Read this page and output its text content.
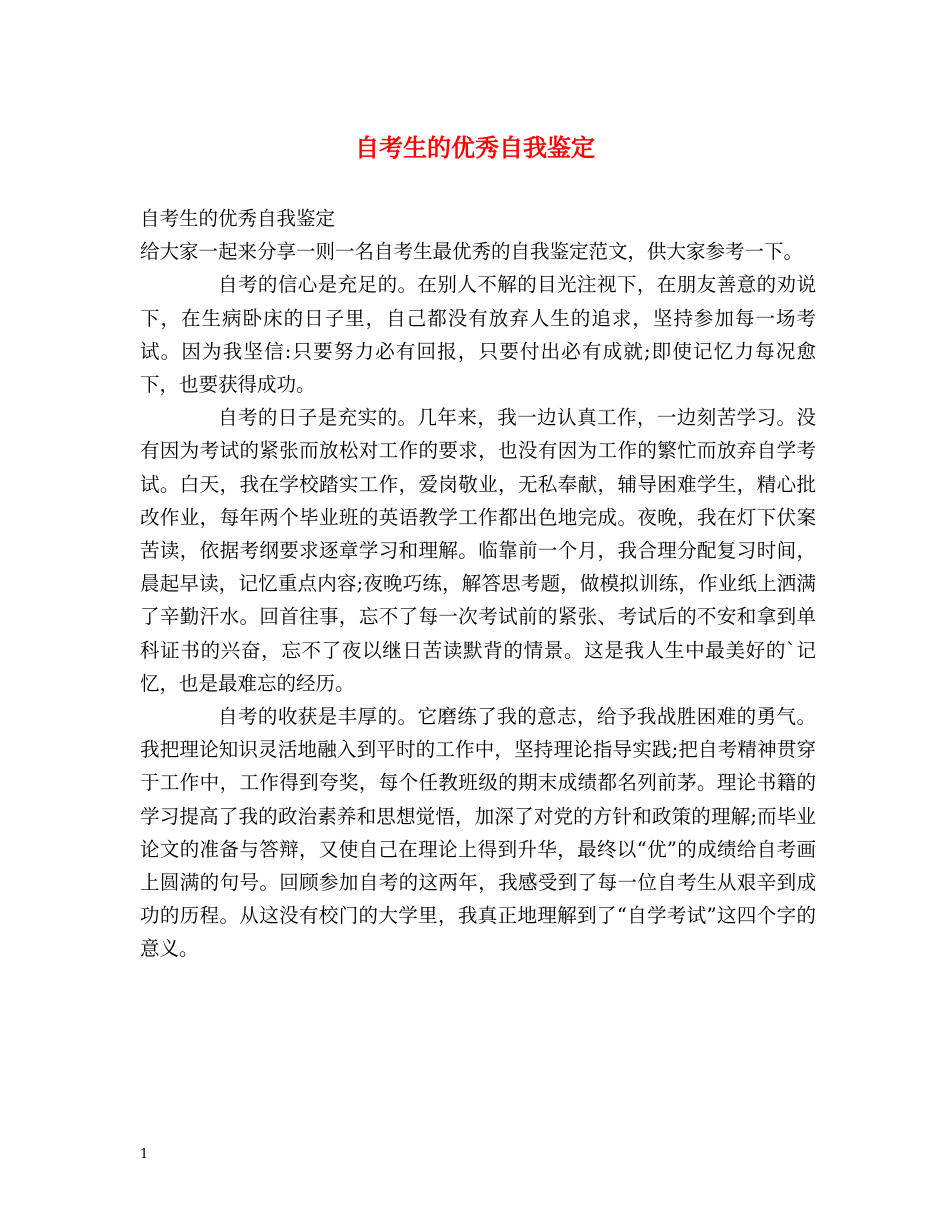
自考生的优秀自我鉴定

自考生的优秀自我鉴定

给大家一起来分享一则一名自考生最优秀的自我鉴定范文，供大家参考一下。

自考的信心是充足的。在别人不解的目光注视下，在朋友善意的劝说下，在生病卧床的日子里，自己都没有放弃人生的追求，坚持参加每一场考试。因为我坚信:只要努力必有回报，只要付出必有成就;即使记忆力每况愈下，也要获得成功。

自考的日子是充实的。几年来，我一边认真工作，一边刻苦学习。没有因为考试的紧张而放松对工作的要求，也没有因为工作的繁忙而放弃自学考试。白天，我在学校踏实工作，爱岗敬业，无私奉献，辅导困难学生，精心批改作业，每年两个毕业班的英语教学工作都出色地完成。夜晚，我在灯下伏案苦读，依据考纲要求逐章学习和理解。临靠前一个月，我合理分配复习时间，晨起早读，记忆重点内容;夜晚巧练，解答思考题，做模拟训练，作业纸上洒满了辛勤汗水。回首往事，忘不了每一次考试前的紧张、考试后的不安和拿到单科证书的兴奋，忘不了夜以继日苦读默背的情景。这是我人生中最美好的`记忆，也是最难忘的经历。

自考的收获是丰厚的。它磨练了我的意志，给予我战胜困难的勇气。我把理论知识灵活地融入到平时的工作中，坚持理论指导实践;把自考精神贯穿于工作中，工作得到夸奖，每个任教班级的期末成绩都名列前茅。理论书籍的学习提高了我的政治素养和思想觉悟，加深了对党的方针和政策的理解;而毕业论文的准备与答辩，又使自己在理论上得到升华，最终以“优”的成绩给自考画上圆满的句号。回顾参加自考的这两年，我感受到了每一位自考生从艰辛到成功的历程。从这没有校门的大学里，我真正地理解到了“自学考试”这四个字的意义。

1
